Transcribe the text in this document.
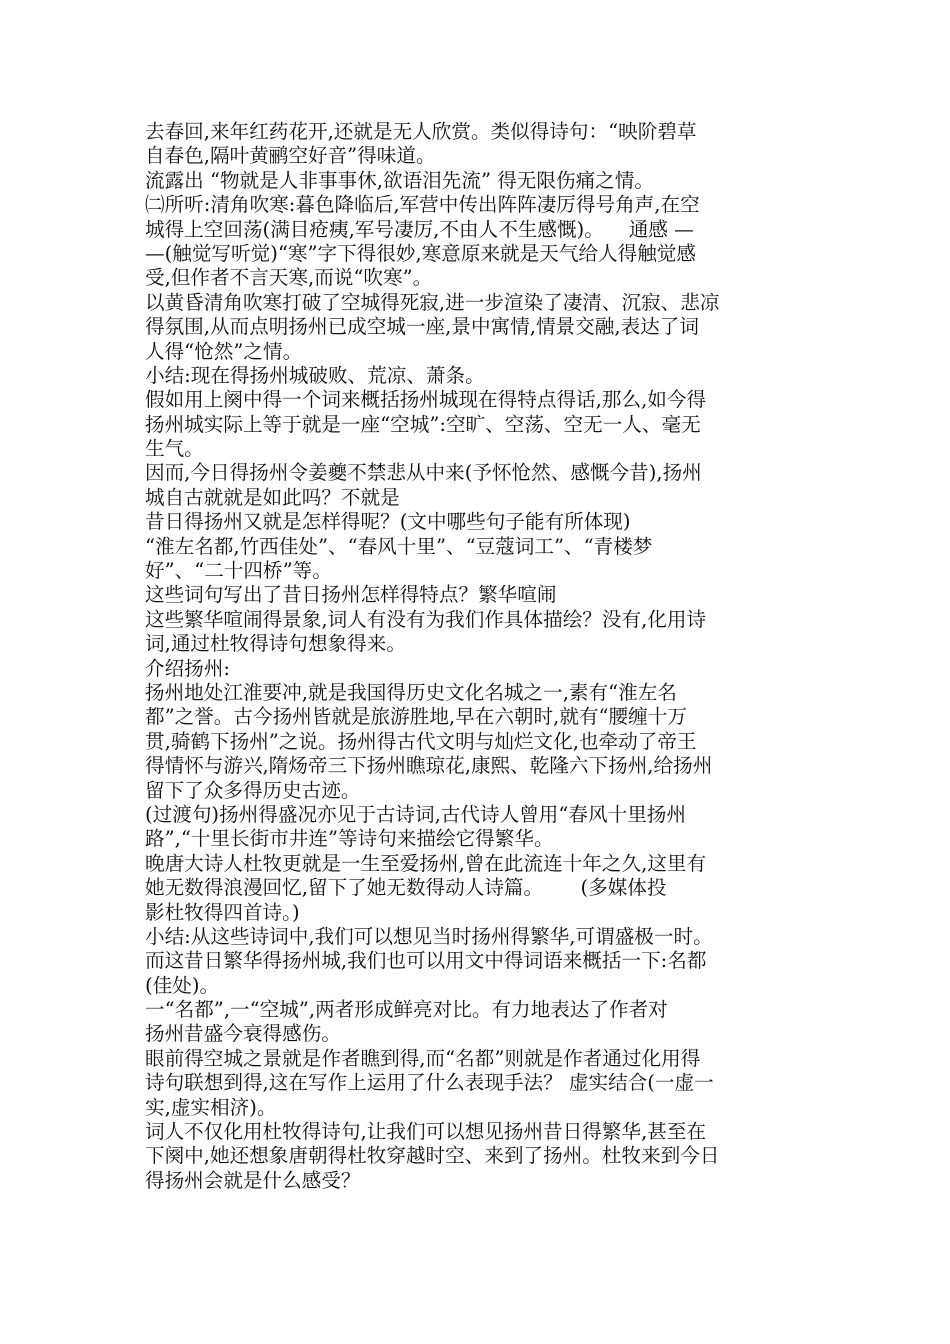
去春回,来年红药花开,还就是无人欣赏。类似得诗句：“映阶碧草
自春色,隔叶黄鹂空好音”得味道。
流露出 “物就是人非事事休,欲语泪先流” 得无限伤痛之情。
㈡所听:清角吹寒:暮色降临后,军营中传出阵阵凄厉得号角声,在空
城得上空回荡(满目疮痍,军号凄厉,不由人不生感慨)。    通感 —
—(触觉写听觉)“寒”字下得很妙,寒意原来就是天气给人得触觉感
受,但作者不言天寒,而说“吹寒”。
以黄昏清角吹寒打破了空城得死寂,进一步渲染了凄清、沉寂、悲凉
得氛围,从而点明扬州已成空城一座,景中寓情,情景交融,表达了词
人得“怆然”之情。
小结:现在得扬州城破败、荒凉、萧条。
假如用上阕中得一个词来概括扬州城现在得特点得话,那么,如今得
扬州城实际上等于就是一座“空城”:空旷、空荡、空无一人、毫无
生气。
因而,今日得扬州令姜夔不禁悲从中来(予怀怆然、感慨今昔),扬州
城自古就就是如此吗？不就是
昔日得扬州又就是怎样得呢？(文中哪些句子能有所体现)
“淮左名都,竹西佳处”、“春风十里”、“豆蔻词工”、“青楼梦
好”、“二十四桥”等。
这些词句写出了昔日扬州怎样得特点？繁华喧闹
这些繁华喧闹得景象,词人有没有为我们作具体描绘？没有,化用诗
词,通过杜牧得诗句想象得来。
介绍扬州:
扬州地处江淮要冲,就是我国得历史文化名城之一,素有“淮左名
都”之誉。古今扬州皆就是旅游胜地,早在六朝时,就有“腰缠十万
贯,骑鹤下扬州”之说。扬州得古代文明与灿烂文化,也牵动了帝王
得情怀与游兴,隋炀帝三下扬州瞧琼花,康熙、乾隆六下扬州,给扬州
留下了众多得历史古迹。
(过渡句)扬州得盛况亦见于古诗词,古代诗人曾用“春风十里扬州
路”,“十里长街市井连”等诗句来描绘它得繁华。
晚唐大诗人杜牧更就是一生至爱扬州,曾在此流连十年之久,这里有
她无数得浪漫回忆,留下了她无数得动人诗篇。      (多媒体投
影杜牧得四首诗。)
小结:从这些诗词中,我们可以想见当时扬州得繁华,可谓盛极一时。
而这昔日繁华得扬州城,我们也可以用文中得词语来概括一下:名都
(佳处)。
一“名都”,一“空城”,两者形成鲜亮对比。有力地表达了作者对
扬州昔盛今衰得感伤。
眼前得空城之景就是作者瞧到得,而“名都”则就是作者通过化用得
诗句联想到得,这在写作上运用了什么表现手法？ 虚实结合(一虚一
实,虚实相济)。
词人不仅化用杜牧得诗句,让我们可以想见扬州昔日得繁华,甚至在
下阕中,她还想象唐朝得杜牧穿越时空、来到了扬州。杜牧来到今日
得扬州会就是什么感受？
